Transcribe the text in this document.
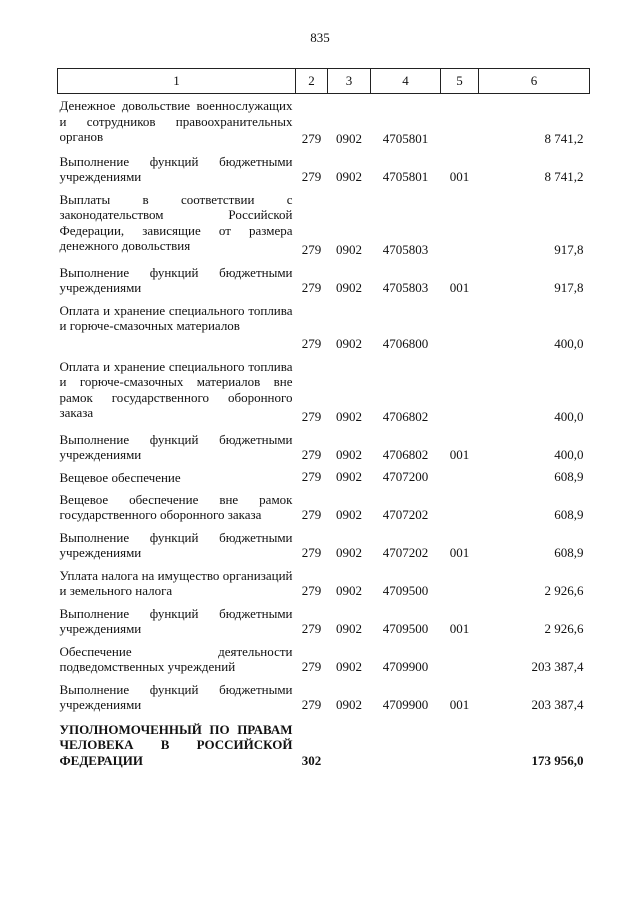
835
1	2	3	4	5	6

Денежное довольствие военнослужащих и сотрудников правоохранительных органов	279	0902	4705801		8 741,2

Выполнение функций бюджетными учреждениями	279	0902	4705801	001	8 741,2

Выплаты в соответствии с законодательством Российской Федерации, зависящие от размера денежного довольствия	279	0902	4705803		917,8

Выполнение функций бюджетными учреждениями	279	0902	4705803	001	917,8

Оплата и хранение специального топлива и горюче-смазочных материалов	279	0902	4706800		400,0

Оплата и хранение специального топлива и горюче-смазочных материалов вне рамок государственного оборонного заказа	279	0902	4706802		400,0

Выполнение функций бюджетными учреждениями	279	0902	4706802	001	400,0

Вещевое обеспечение	279	0902	4707200		608,9

Вещевое обеспечение вне рамок государственного оборонного заказа	279	0902	4707202		608,9

Выполнение функций бюджетными учреждениями	279	0902	4707202	001	608,9

Уплата налога на имущество организаций и земельного налога	279	0902	4709500		2 926,6

Выполнение функций бюджетными учреждениями	279	0902	4709500	001	2 926,6

Обеспечение деятельности подведомственных учреждений	279	0902	4709900		203 387,4

Выполнение функций бюджетными учреждениями	279	0902	4709900	001	203 387,4

УПОЛНОМОЧЕННЫЙ ПО ПРАВАМ ЧЕЛОВЕКА В РОССИЙСКОЙ ФЕДЕРАЦИИ	302				173 956,0
